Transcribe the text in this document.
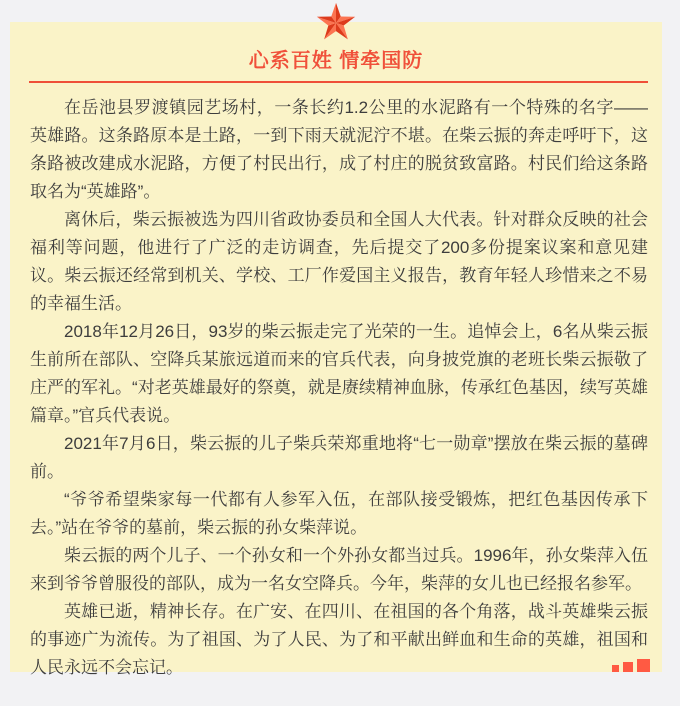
心系百姓 情牵国防

在岳池县罗渡镇园艺场村，一条长约1.2公里的水泥路有一个特殊的名字——英雄路。这条路原本是土路，一到下雨天就泥泞不堪。在柴云振的奔走呼吁下，这条路被改建成水泥路，方便了村民出行，成了村庄的脱贫致富路。村民们给这条路取名为“英雄路”。

离休后，柴云振被选为四川省政协委员和全国人大代表。针对群众反映的社会福利等问题，他进行了广泛的走访调查，先后提交了200多份提案议案和意见建议。柴云振还经常到机关、学校、工厂作爱国主义报告，教育年轻人珍惜来之不易的幸福生活。

2018年12月26日，93岁的柴云振走完了光荣的一生。追悼会上，6名从柴云振生前所在部队、空降兵某旅远道而来的官兵代表，向身披党旗的老班长柴云振敬了庄严的军礼。“对老英雄最好的祭奠，就是赓续精神血脉，传承红色基因，续写英雄篇章。”官兵代表说。

2021年7月6日，柴云振的儿子柴兵荣郑重地将“七一勋章”摆放在柴云振的墓碑前。

“爷爷希望柴家每一代都有人参军入伍，在部队接受锻炼，把红色基因传承下去。”站在爷爷的墓前，柴云振的孙女柴萍说。

柴云振的两个儿子、一个孙女和一个外孙女都当过兵。1996年，孙女柴萍入伍来到爷爷曾服役的部队，成为一名女空降兵。今年，柴萍的女儿也已经报名参军。

英雄已逝，精神长存。在广安、在四川、在祖国的各个角落，战斗英雄柴云振的事迹广为流传。为了祖国、为了人民、为了和平献出鲜血和生命的英雄，祖国和人民永远不会忘记。
